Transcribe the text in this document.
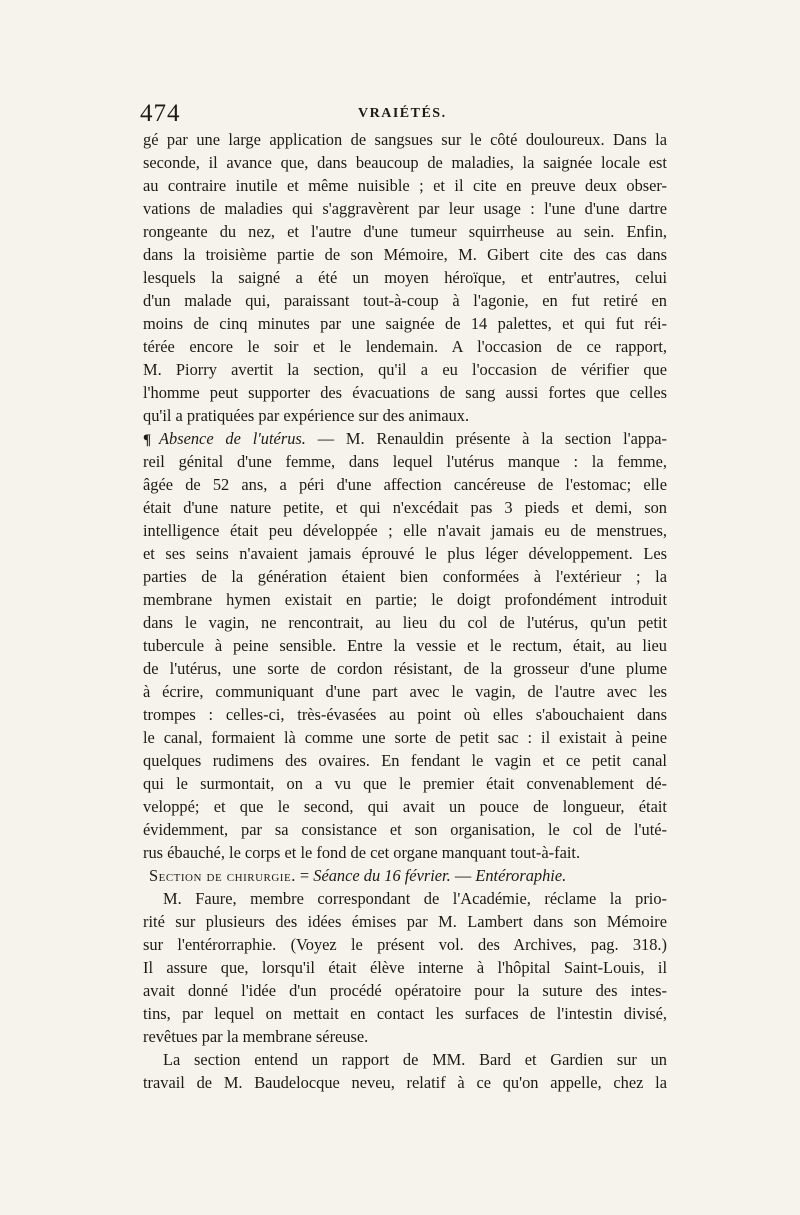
474	VRAIÉTÉS.
gé par une large application de sangsues sur le côté douloureux. Dans la
seconde, il avance que, dans beaucoup de maladies, la saignée locale est
au contraire inutile et même nuisible ; et il cite en preuve deux obser-
vations de maladies qui s'aggravèrent par leur usage : l'une d'une dartre
rongeante du nez, et l'autre d'une tumeur squirrheuse au sein. Enfin,
dans la troisième partie de son Mémoire, M. Gibert cite des cas dans
lesquels la saigné a été un moyen héroïque, et entr'autres, celui
d'un malade qui, paraissant tout-à-coup à l'agonie, en fut retiré en
moins de cinq minutes par une saignée de 14 palettes, et qui fut réi-
térée encore le soir et le lendemain. A l'occasion de ce rapport,
M. Piorry avertit la section, qu'il a eu l'occasion de vérifier que
l'homme peut supporter des évacuations de sang aussi fortes que celles
qu'il a pratiquées par expérience sur des animaux.
¶ Absence de l'utérus. — M. Renauldin présente à la section l'appa-
reil génital d'une femme, dans lequel l'utérus manque : la femme,
âgée de 52 ans, a péri d'une affection cancéreuse de l'estomac; elle
était d'une nature petite, et qui n'excédait pas 3 pieds et demi, son
intelligence était peu développée ; elle n'avait jamais eu de menstrues,
et ses seins n'avaient jamais éprouvé le plus léger développement. Les
parties de la génération étaient bien conformées à l'extérieur ; la
membrane hymen existait en partie; le doigt profondément introduit
dans le vagin, ne rencontrait, au lieu du col de l'utérus, qu'un petit
tubercule à peine sensible. Entre la vessie et le rectum, était, au lieu
de l'utérus, une sorte de cordon résistant, de la grosseur d'une plume
à écrire, communiquant d'une part avec le vagin, de l'autre avec les
trompes : celles-ci, très-évasées au point où elles s'abouchaient dans
le canal, formaient là comme une sorte de petit sac : il existait à peine
quelques rudimens des ovaires. En fendant le vagin et ce petit canal
qui le surmontait, on a vu que le premier était convenablement dé-
veloppé; et que le second, qui avait un pouce de longueur, était
évidemment, par sa consistance et son organisation, le col de l'uté-
rus ébauché, le corps et le fond de cet organe manquant tout-à-fait.
Section de chirurgie. = Séance du 16 février. — Entéroraphie.
M. Faure, membre correspondant de l'Académie, réclame la prio-
rité sur plusieurs des idées émises par M. Lambert dans son Mémoire
sur l'entérorraphie. (Voyez le présent vol. des Archives, pag. 318.)
Il assure que, lorsqu'il était élève interne à l'hôpital Saint-Louis, il
avait donné l'idée d'un procédé opératoire pour la suture des intes-
tins, par lequel on mettait en contact les surfaces de l'intestin divisé,
revêtues par la membrane séreuse.
La section entend un rapport de MM. Bard et Gardien sur un
travail de M. Baudelocque neveu, relatif à ce qu'on appelle, chez la
